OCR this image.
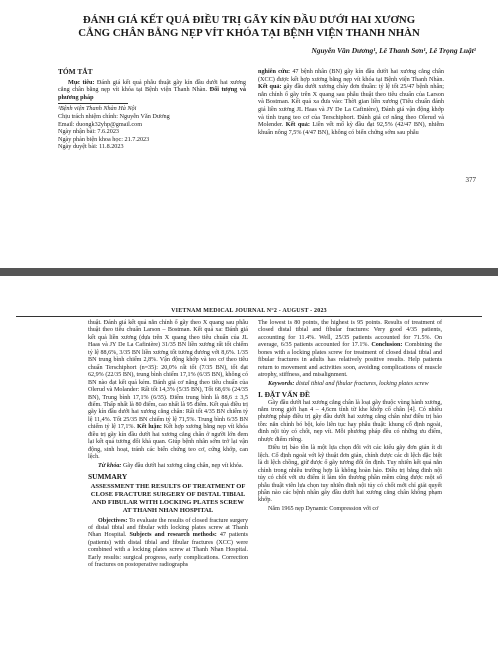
ĐÁNH GIÁ KẾT QUẢ ĐIỀU TRỊ GÃY KÍN ĐẦU DƯỚI HAI XƯƠNG
CẲNG CHÂN BẰNG NẸP VÍT KHÓA TẠI BỆNH VIỆN THANH NHÀN
Nguyễn Văn Dương¹, Lê Thanh Sơn¹, Lê Trọng Luật¹
TÓM TẮT

Mục tiêu: Đánh giá kết quả phẫu thuật gãy kín đầu dưới hai xương cẳng chân bằng nẹp vít khóa tại Bệnh viện Thanh Nhàn. Đối tượng và phương pháp

¹Bệnh viện Thanh Nhàn Hà Nội

Chịu trách nhiệm chính: Nguyễn Văn Dương

Email: duongk32yhp@gmail.com

Ngày nhận bài: 7.6.2023

Ngày phản biện khoa học: 21.7.2023

Ngày duyệt bài: 11.8.2023

nghiên cứu: 47 bệnh nhân (BN) gãy kín đầu dưới hai xương cẳng chân (XCC) được kết hợp xương bằng nẹp vít khóa tại Bệnh viện Thanh Nhàn. Kết quả: gãy đầu dưới xương chày đơn thuần: tỷ lệ tốt 25/47 bệnh nhân; nắn chỉnh ổ gãy trên X quang sau phẫu thuật theo tiêu chuẩn của Larson và Bostman. Kết quả xa đưa vào: Thời gian liền xương (Tiêu chuẩn đánh giá liền xương JL Haas và JY De La Cafinière), Đánh giá vận động khớp và tình trạng teo cơ của Terschiphort. Đánh giá cơ năng theo Olerud và Molender. Kết quả: Liền vết mổ kỳ đầu đạt 92,5% (42/47 BN), nhiễm khuẩn nông 7,5% (4/47 BN), không có biến chứng sớm sau phẫu

377
VIETNAM MEDICAL JOURNAL N°2 - AUGUST - 2023

thuật. Đánh giá kết quả nắn chỉnh ổ gãy theo X quang sau phẫu thuật theo tiêu chuẩn Larson – Bostman. Kết quả xa: Đánh giá kết quả liền xương (dựa trên X quang theo tiêu chuẩn của JL Haas và JY De La Cafinière) 31/35 BN liền xương rất tốt chiếm tỷ lệ 88,6%, 3/35 BN liền xương tốt tương đương với 8,6%. 1/35 BN trung bình chiếm 2,8%. Vận động khớp và teo cơ theo tiêu chuẩn Terschiphort (n=35): 20,0% rất tốt (7/35 BN), tốt đạt 62,9% (22/35 BN), trung bình chiếm 17,1% (6/35 BN), không có BN nào đạt kết quả kém. Đánh giá cơ năng theo tiêu chuẩn của Olerud và Molander: Rất tốt 14,3% (5/35 BN), Tốt 68,6% (24/35 BN), Trung bình 17,1% (6/35). Điểm trung bình là 88,6 ± 3,5 điểm. Thấp nhất là 80 điểm, cao nhất là 95 điểm. Kết quả điều trị gãy kín đầu dưới hai xương cẳng chân: Rất tốt 4/35 BN chiếm tỷ lệ 11,4%. Tốt 25/35 BN chiếm tỷ lệ 71,5%. Trung bình 6/35 BN chiếm tỷ lệ 17,1%. Kết luận: Kết hợp xương bằng nẹp vít khóa điều trị gãy kín đầu dưới hai xương cẳng chân ở người lớn đem lại kết quả tương đối khả quan. Giúp bệnh nhân sớm trở lại vận động, sinh hoạt, tránh các biến chứng teo cơ, cứng khớp, can lệch.

Từ khóa: Gãy đầu dưới hai xương cẳng chân, nẹp vít khóa.

SUMMARY
ASSESSMENT THE RESULTS OF TREATMENT OF CLOSE FRACTURE SURGERY OF DISTAL TIBIAL AND FIBULAR WITH LOCKING PLATES SCREW AT THANH NHAN HOSPITAL

Objectives: To evaluate the results of closed fracture surgery of distal tibial and fibular with locking plates screw at Thanh Nhan Hospital. Subjects and research methods: 47 patients (patients) with distal tibial and fibular fractures (XCC) were combined with a locking plates screw at Thanh Nhan Hospital. Early results: surgical progress, early complications. Correction of fractures on postoperative radiographs

The lowest is 80 points, the highest is 95 points. Results of treatment of closed distal tibial and fibular fractures: Very good 4/35 patients, accounting for 11.4%. Well, 25/35 patients accounted for 71.5%. On average, 6/35 patients accounted for 17.1%. Conclusion: Combining the bones with a locking plates screw for treatment of closed distal tibial and fibular fractures in adults has relatively positive results. Help patients return to movement and activities soon, avoiding complications of muscle atrophy, stiffness, and misalignment.

Keywords: distal tibial and fibular fractures, locking plates screw

I. ĐẶT VẤN ĐỀ

Gãy đầu dưới hai xương cẳng chân là loại gãy thuộc vùng hành xương, nằm trong giới hạn 4 – 4,6cm tính từ khe khớp cổ chân [4]. Có nhiều phương pháp điều trị gãy đầu dưới hai xương cẳng chân như điều trị bảo tồn: nắn chỉnh bó bột, kéo liên tục hay phẫu thuật: khung cố định ngoài, đinh nội tủy có chốt, nẹp vít. Mỗi phương pháp đều có những ưu điểm, nhược điểm riêng.

Điều trị bảo tồn là một lựa chọn đối với các kiểu gãy đơn giản ít di lệch. Cố định ngoài với kỹ thuật đơn giản, chính được các di lệch đặc biệt là di lệch chồng, giữ được ổ gãy tương đối ổn định. Tuy nhiên kết quả nắn chỉnh trong nhiều trường hợp là không hoàn hảo. Điều trị bằng đinh nội tủy có chốt với ưu điểm ít làm tổn thương phần mềm cũng được một số phẫu thuật viên lựa chọn tuy nhiên đinh nội tủy có chốt mới chỉ giải quyết phần nào các bệnh nhân gãy đầu dưới hai xương cẳng chân không phạm khớp.

Năm 1965 nẹp Dynamic Compression với cơ
